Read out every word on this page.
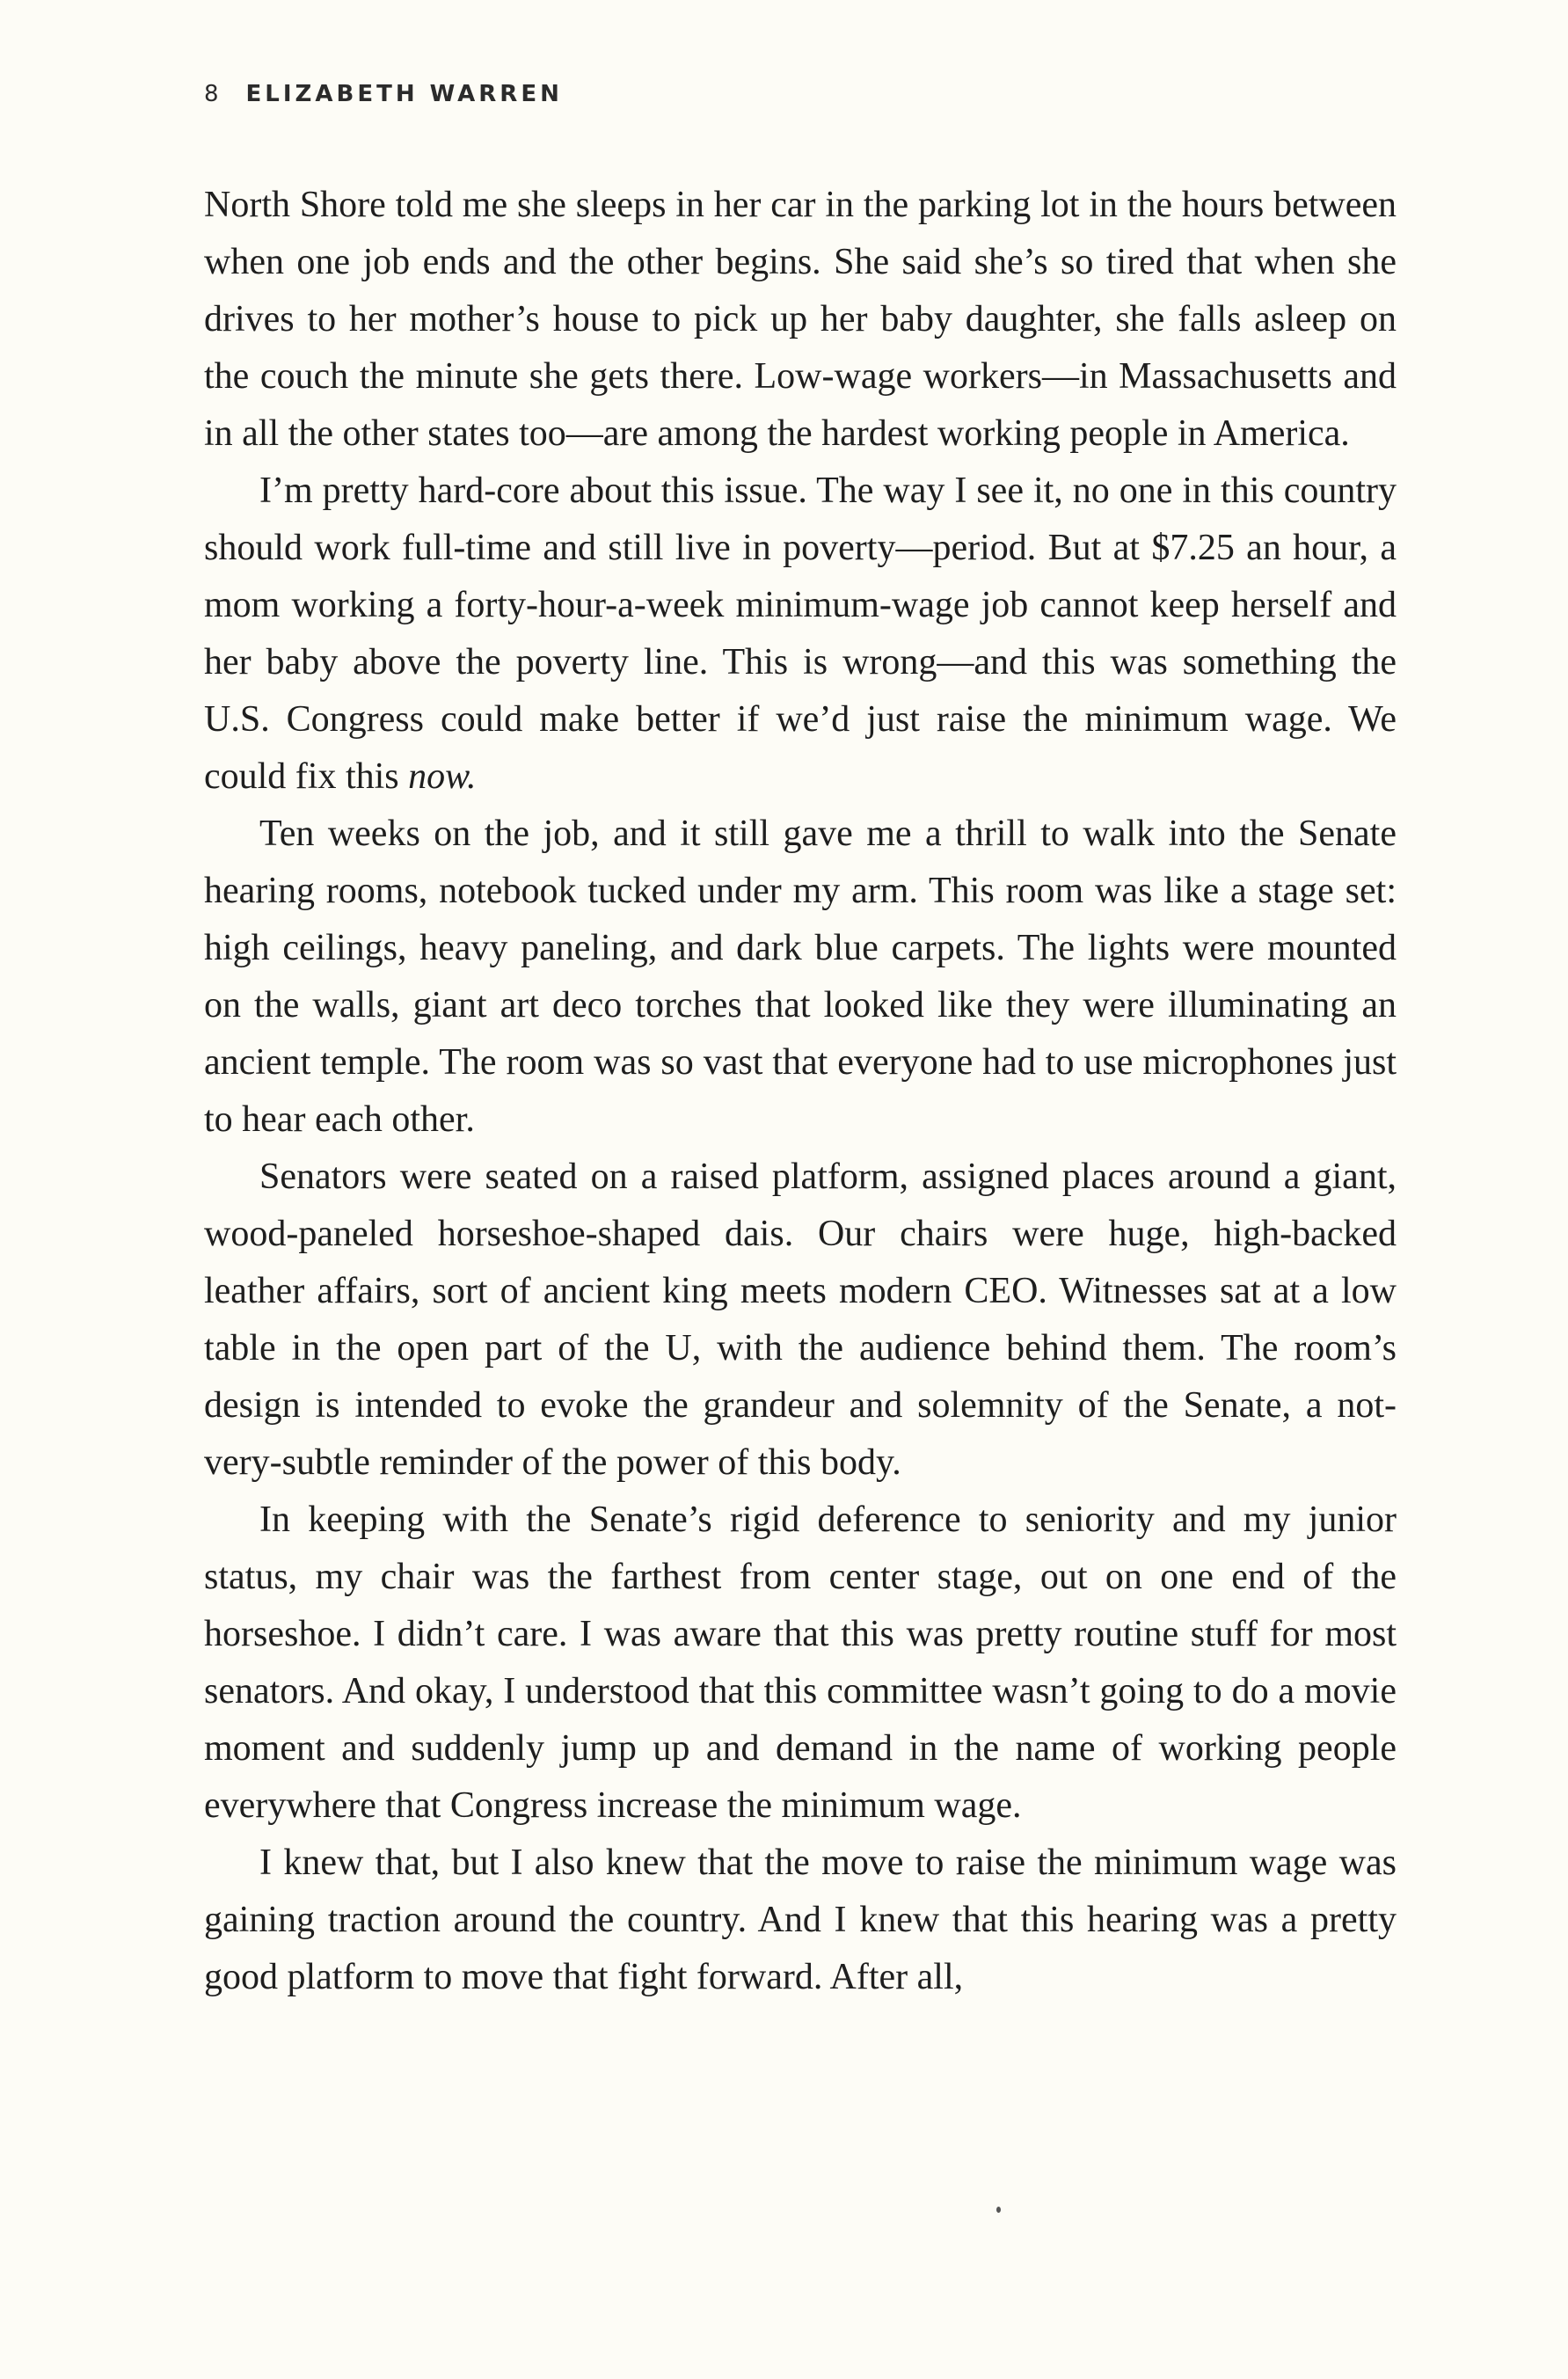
8 ELIZABETH WARREN

North Shore told me she sleeps in her car in the parking lot in the hours between when one job ends and the other begins. She said she’s so tired that when she drives to her mother’s house to pick up her baby daughter, she falls asleep on the couch the minute she gets there. Low-wage workers—in Massachusetts and in all the other states too—are among the hardest working people in America.

I’m pretty hard-core about this issue. The way I see it, no one in this country should work full-time and still live in poverty—period. But at $7.25 an hour, a mom working a forty-hour-a-week minimum-wage job cannot keep herself and her baby above the poverty line. This is wrong—and this was something the U.S. Congress could make better if we’d just raise the minimum wage. We could fix this now.

Ten weeks on the job, and it still gave me a thrill to walk into the Senate hearing rooms, notebook tucked under my arm. This room was like a stage set: high ceilings, heavy paneling, and dark blue carpets. The lights were mounted on the walls, giant art deco torches that looked like they were illuminating an ancient temple. The room was so vast that everyone had to use microphones just to hear each other.

Senators were seated on a raised platform, assigned places around a giant, wood-paneled horseshoe-shaped dais. Our chairs were huge, high-backed leather affairs, sort of ancient king meets modern CEO. Witnesses sat at a low table in the open part of the U, with the audience behind them. The room’s design is intended to evoke the grandeur and solemnity of the Senate, a not-very-subtle reminder of the power of this body.

In keeping with the Senate’s rigid deference to seniority and my junior status, my chair was the farthest from center stage, out on one end of the horseshoe. I didn’t care. I was aware that this was pretty routine stuff for most senators. And okay, I understood that this committee wasn’t going to do a movie moment and suddenly jump up and demand in the name of working people everywhere that Congress increase the minimum wage.

I knew that, but I also knew that the move to raise the minimum wage was gaining traction around the country. And I knew that this hearing was a pretty good platform to move that fight forward. After all,
